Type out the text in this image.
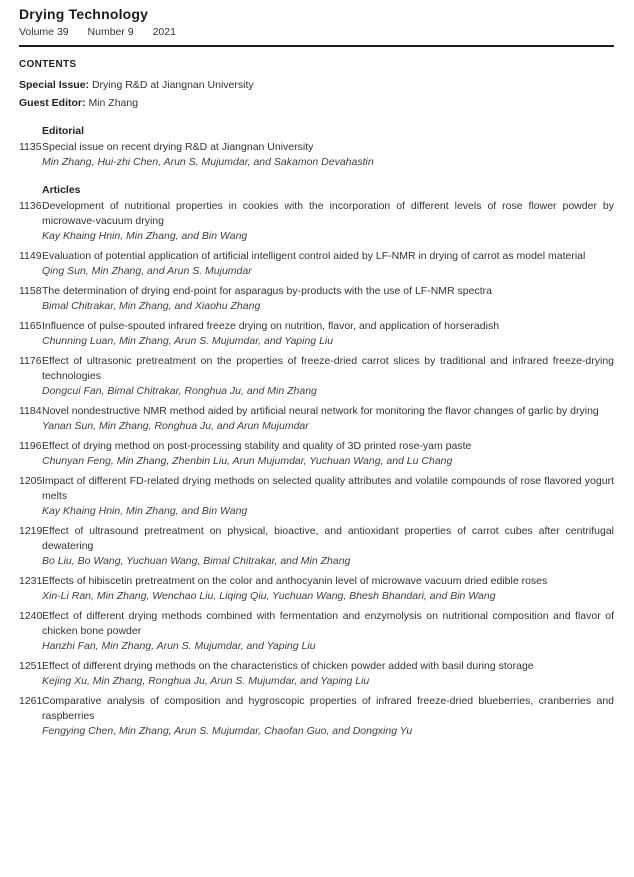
Drying Technology
Volume 39 Number 9 2021
CONTENTS
Special Issue: Drying R&D at Jiangnan University
Guest Editor: Min Zhang
Editorial
1135 Special issue on recent drying R&D at Jiangnan University
Min Zhang, Hui-zhi Chen, Arun S. Mujumdar, and Sakamon Devahastin
Articles
1136 Development of nutritional properties in cookies with the incorporation of different levels of rose flower powder by microwave-vacuum drying
Kay Khaing Hnin, Min Zhang, and Bin Wang
1149 Evaluation of potential application of artificial intelligent control aided by LF-NMR in drying of carrot as model material
Qing Sun, Min Zhang, and Arun S. Mujumdar
1158 The determination of drying end-point for asparagus by-products with the use of LF-NMR spectra
Bimal Chitrakar, Min Zhang, and Xiaohu Zhang
1165 Influence of pulse-spouted infrared freeze drying on nutrition, flavor, and application of horseradish
Chunning Luan, Min Zhang, Arun S. Mujumdar, and Yaping Liu
1176 Effect of ultrasonic pretreatment on the properties of freeze-dried carrot slices by traditional and infrared freeze-drying technologies
Dongcui Fan, Bimal Chitrakar, Ronghua Ju, and Min Zhang
1184 Novel nondestructive NMR method aided by artificial neural network for monitoring the flavor changes of garlic by drying
Yanan Sun, Min Zhang, Ronghua Ju, and Arun Mujumdar
1196 Effect of drying method on post-processing stability and quality of 3D printed rose-yam paste
Chunyan Feng, Min Zhang, Zhenbin Liu, Arun Mujumdar, Yuchuan Wang, and Lu Chang
1205 Impact of different FD-related drying methods on selected quality attributes and volatile compounds of rose flavored yogurt melts
Kay Khaing Hnin, Min Zhang, and Bin Wang
1219 Effect of ultrasound pretreatment on physical, bioactive, and antioxidant properties of carrot cubes after centrifugal dewatering
Bo Liu, Bo Wang, Yuchuan Wang, Bimal Chitrakar, and Min Zhang
1231 Effects of hibiscetin pretreatment on the color and anthocyanin level of microwave vacuum dried edible roses
Xin-Li Ran, Min Zhang, Wenchao Liu, Liqing Qiu, Yuchuan Wang, Bhesh Bhandari, and Bin Wang
1240 Effect of different drying methods combined with fermentation and enzymolysis on nutritional composition and flavor of chicken bone powder
Hanzhi Fan, Min Zhang, Arun S. Mujumdar, and Yaping Liu
1251 Effect of different drying methods on the characteristics of chicken powder added with basil during storage
Kejing Xu, Min Zhang, Ronghua Ju, Arun S. Mujumdar, and Yaping Liu
1261 Comparative analysis of composition and hygroscopic properties of infrared freeze-dried blueberries, cranberries and raspberries
Fengying Chen, Min Zhang, Arun S. Mujumdar, Chaofan Guo, and Dongxing Yu
